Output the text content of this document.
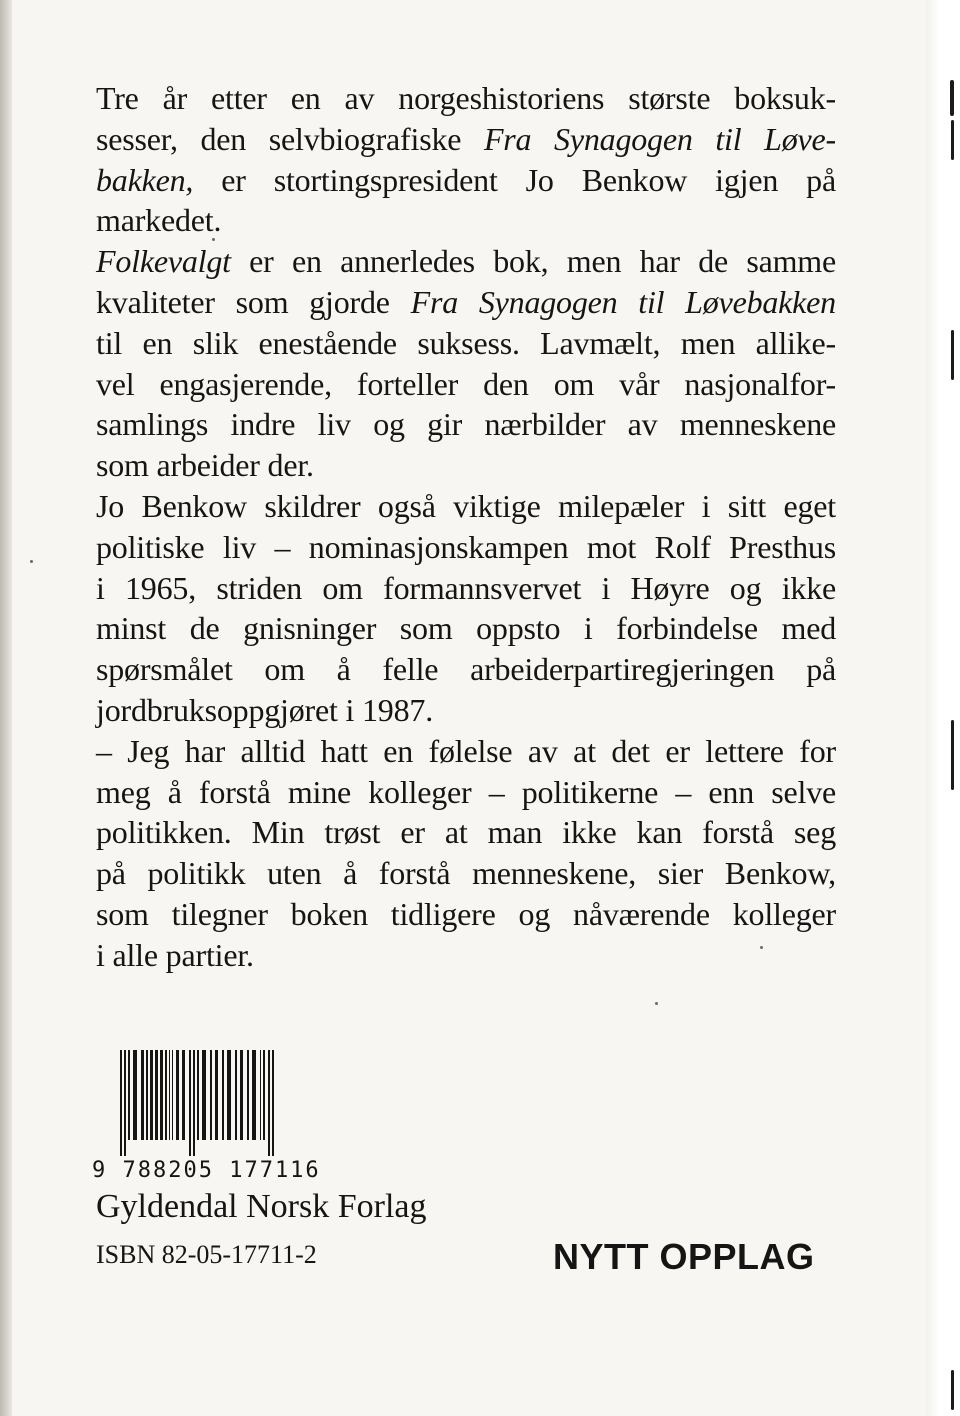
Tre år etter en av norgeshistoriens største boksuk-
sesser, den selvbiografiske Fra Synagogen til Løve-
bakken, er stortingspresident Jo Benkow igjen på
markedet.
Folkevalgt er en annerledes bok, men har de samme
kvaliteter som gjorde Fra Synagogen til Løvebakken
til en slik enestående suksess. Lavmælt, men allike-
vel engasjerende, forteller den om vår nasjonalfor-
samlings indre liv og gir nærbilder av menneskene
som arbeider der.
Jo Benkow skildrer også viktige milepæler i sitt eget
politiske liv – nominasjonskampen mot Rolf Presthus
i 1965, striden om formannsvervet i Høyre og ikke
minst de gnisninger som oppsto i forbindelse med
spørsmålet om å felle arbeiderpartiregjeringen på
jordbruksoppgjøret i 1987.
– Jeg har alltid hatt en følelse av at det er lettere for
meg å forstå mine kolleger – politikerne – enn selve
politikken. Min trøst er at man ikke kan forstå seg
på politikk uten å forstå menneskene, sier Benkow,
som tilegner boken tidligere og nåværende kolleger
i alle partier.
9 788205 177116
Gyldendal Norsk Forlag
ISBN 82-05-17711-2	NYTT OPPLAG
